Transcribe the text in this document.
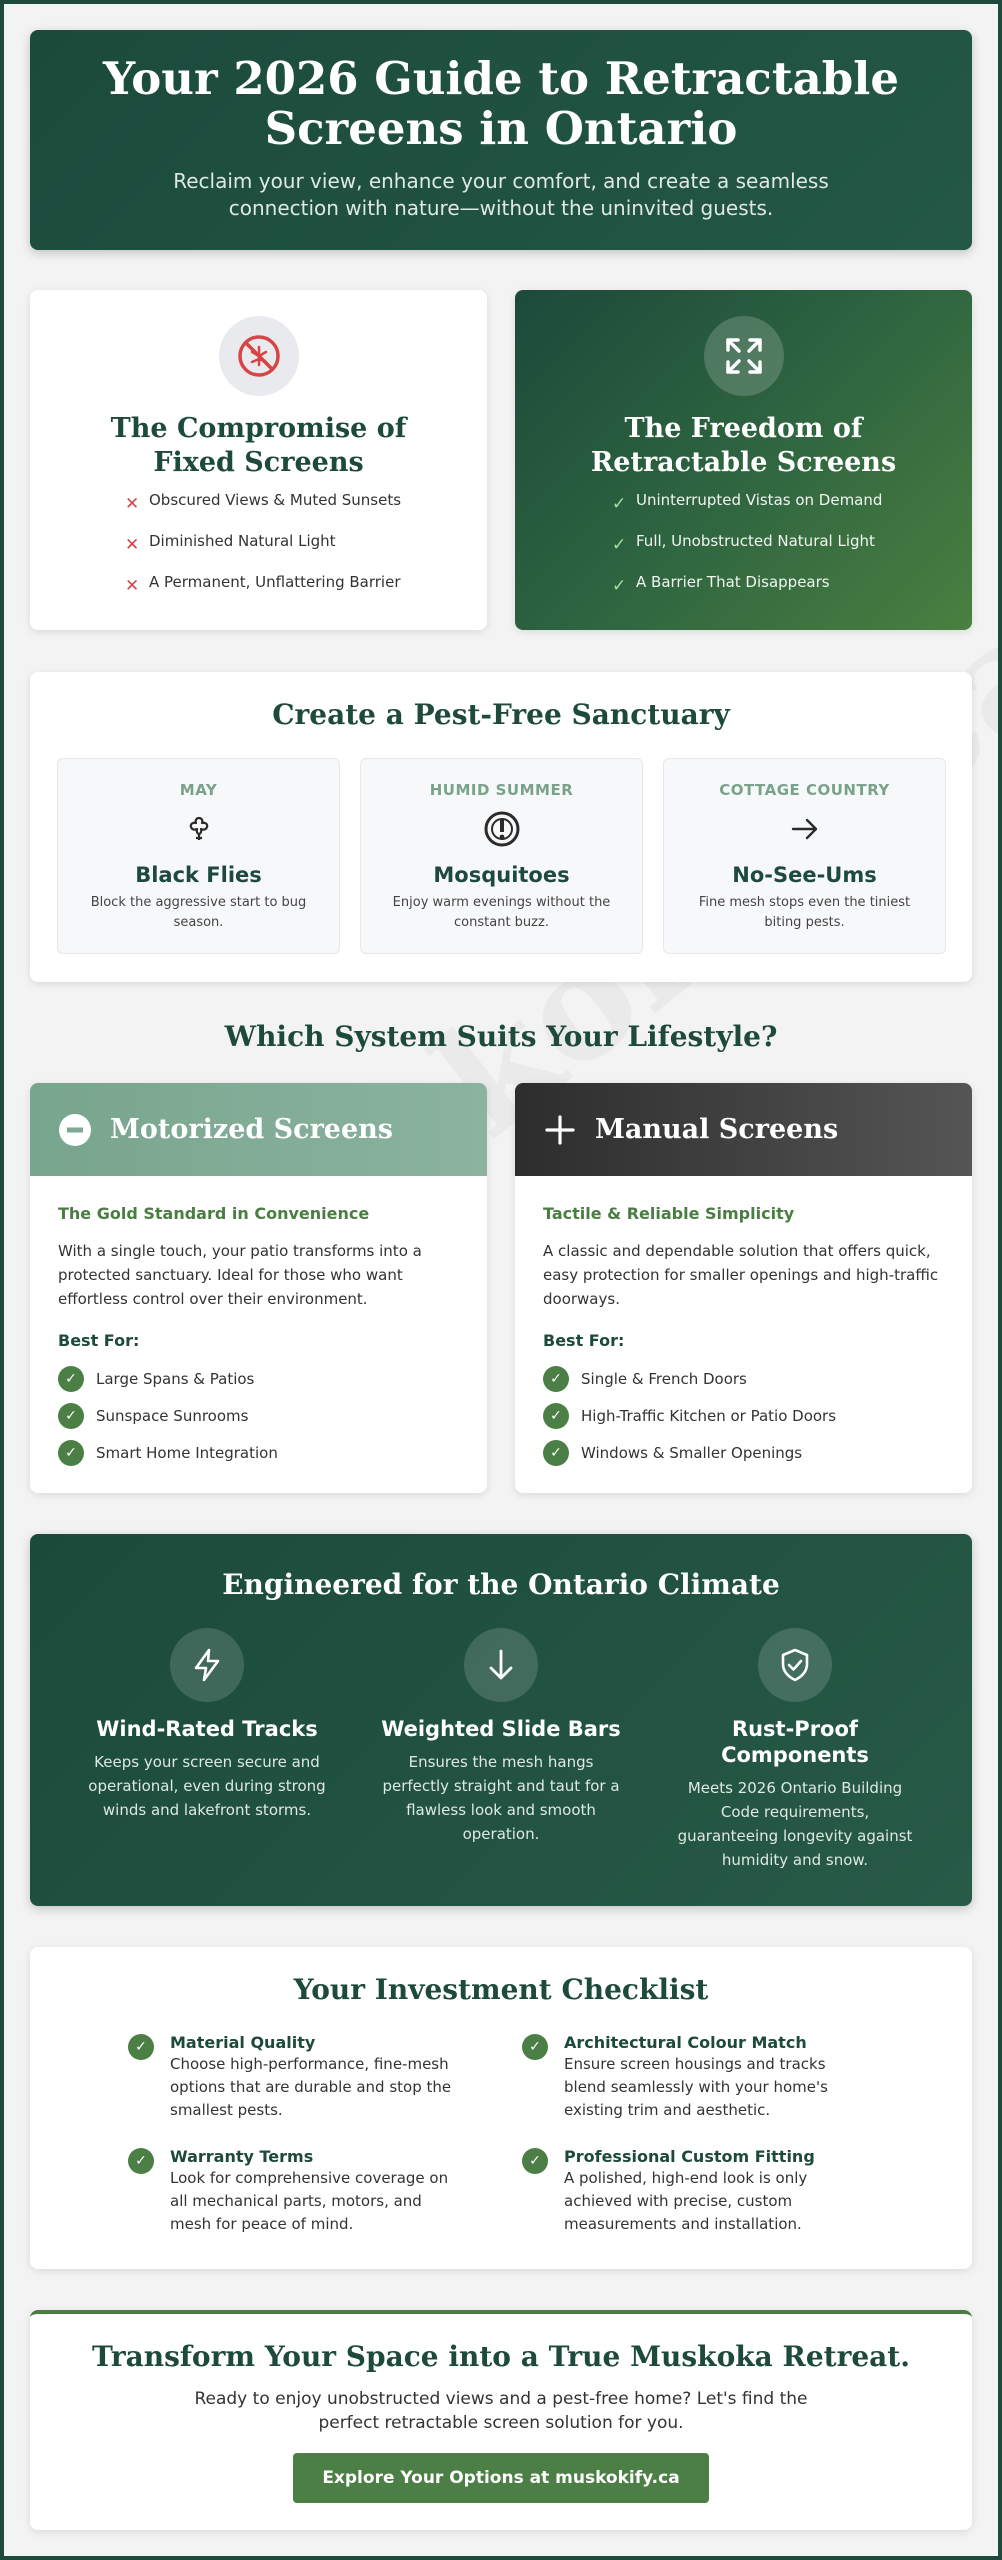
Your 2026 Guide to Retractable Screens in Ontario

Reclaim your view, enhance your comfort, and create a seamless connection with nature—without the uninvited guests.

The Compromise of Fixed Screens
✕ Obscured Views & Muted Sunsets
✕ Diminished Natural Light
✕ A Permanent, Unflattering Barrier
The Freedom of Retractable Screens
✓ Uninterrupted Vistas on Demand
✓ Full, Unobstructed Natural Light
✓ A Barrier That Disappears
Create a Pest-Free Sanctuary
MAY
Black Flies
Block the aggressive start to bug season.
HUMID SUMMER
Mosquitoes
Enjoy warm evenings without the constant buzz.
COTTAGE COUNTRY
No-See-Ums
Fine mesh stops even the tiniest biting pests.
Which System Suits Your Lifestyle?
Motorized Screens
The Gold Standard in Convenience
With a single touch, your patio transforms into a protected sanctuary. Ideal for those who want effortless control over their environment.
Best For:
✓	Large Spans & Patios
✓	Sunspace Sunrooms
✓	Smart Home Integration
Manual Screens
Tactile & Reliable Simplicity
A classic and dependable solution that offers quick, easy protection for smaller openings and high-traffic doorways.
Best For:
✓	Single & French Doors
✓	High-Traffic Kitchen or Patio Doors
✓	Windows & Smaller Openings
Engineered for the Ontario Climate
Wind-Rated Tracks

Keeps your screen secure and operational, even during strong winds and lakefront storms.

Weighted Slide Bars

Ensures the mesh hangs perfectly straight and taut for a flawless look and smooth operation.

Rust-Proof Components

Meets 2026 Ontario Building Code requirements, guaranteeing longevity against humidity and snow.

Your Investment Checklist
✓	Material Quality

Choose high-performance, fine-mesh options that are durable and stop the smallest pests.

✓	Architectural Colour Match

Ensure screen housings and tracks blend seamlessly with your home's existing trim and aesthetic.

✓	Warranty Terms

Look for comprehensive coverage on all mechanical parts, motors, and mesh for peace of mind.

✓	Professional Custom Fitting

A polished, high-end look is only achieved with precise, custom measurements and installation.

Transform Your Space into a True Muskoka Retreat.

Ready to enjoy unobstructed views and a pest-free home? Let's find the perfect retractable screen solution for you.

Explore Your Options at muskokify.ca
